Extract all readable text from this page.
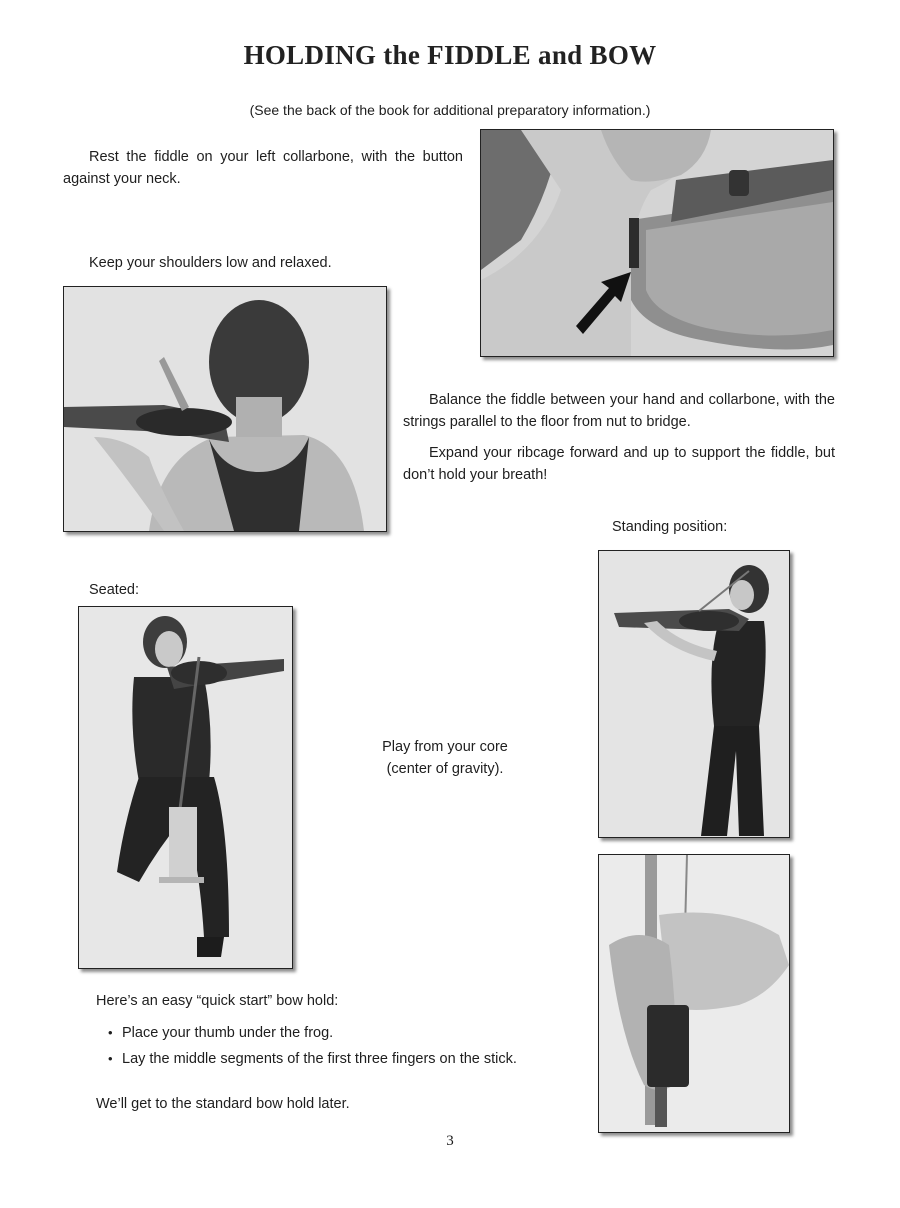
HOLDING the FIDDLE and BOW
(See the back of the book for additional preparatory information.)
Rest the fiddle on your left collarbone, with the button against your neck.
Keep your shoulders low and relaxed.
Balance the fiddle between your hand and collarbone, with the strings parallel to the floor from nut to bridge.
Expand your ribcage forward and up to support the fiddle, but don’t hold your breath!
Standing position:
Seated:
Play from your core
(center of gravity).
Here’s an easy “quick start” bow hold:
• Place your thumb under the frog.
• Lay the middle segments of the first three fingers on the stick.
We’ll get to the standard bow hold later.
3
